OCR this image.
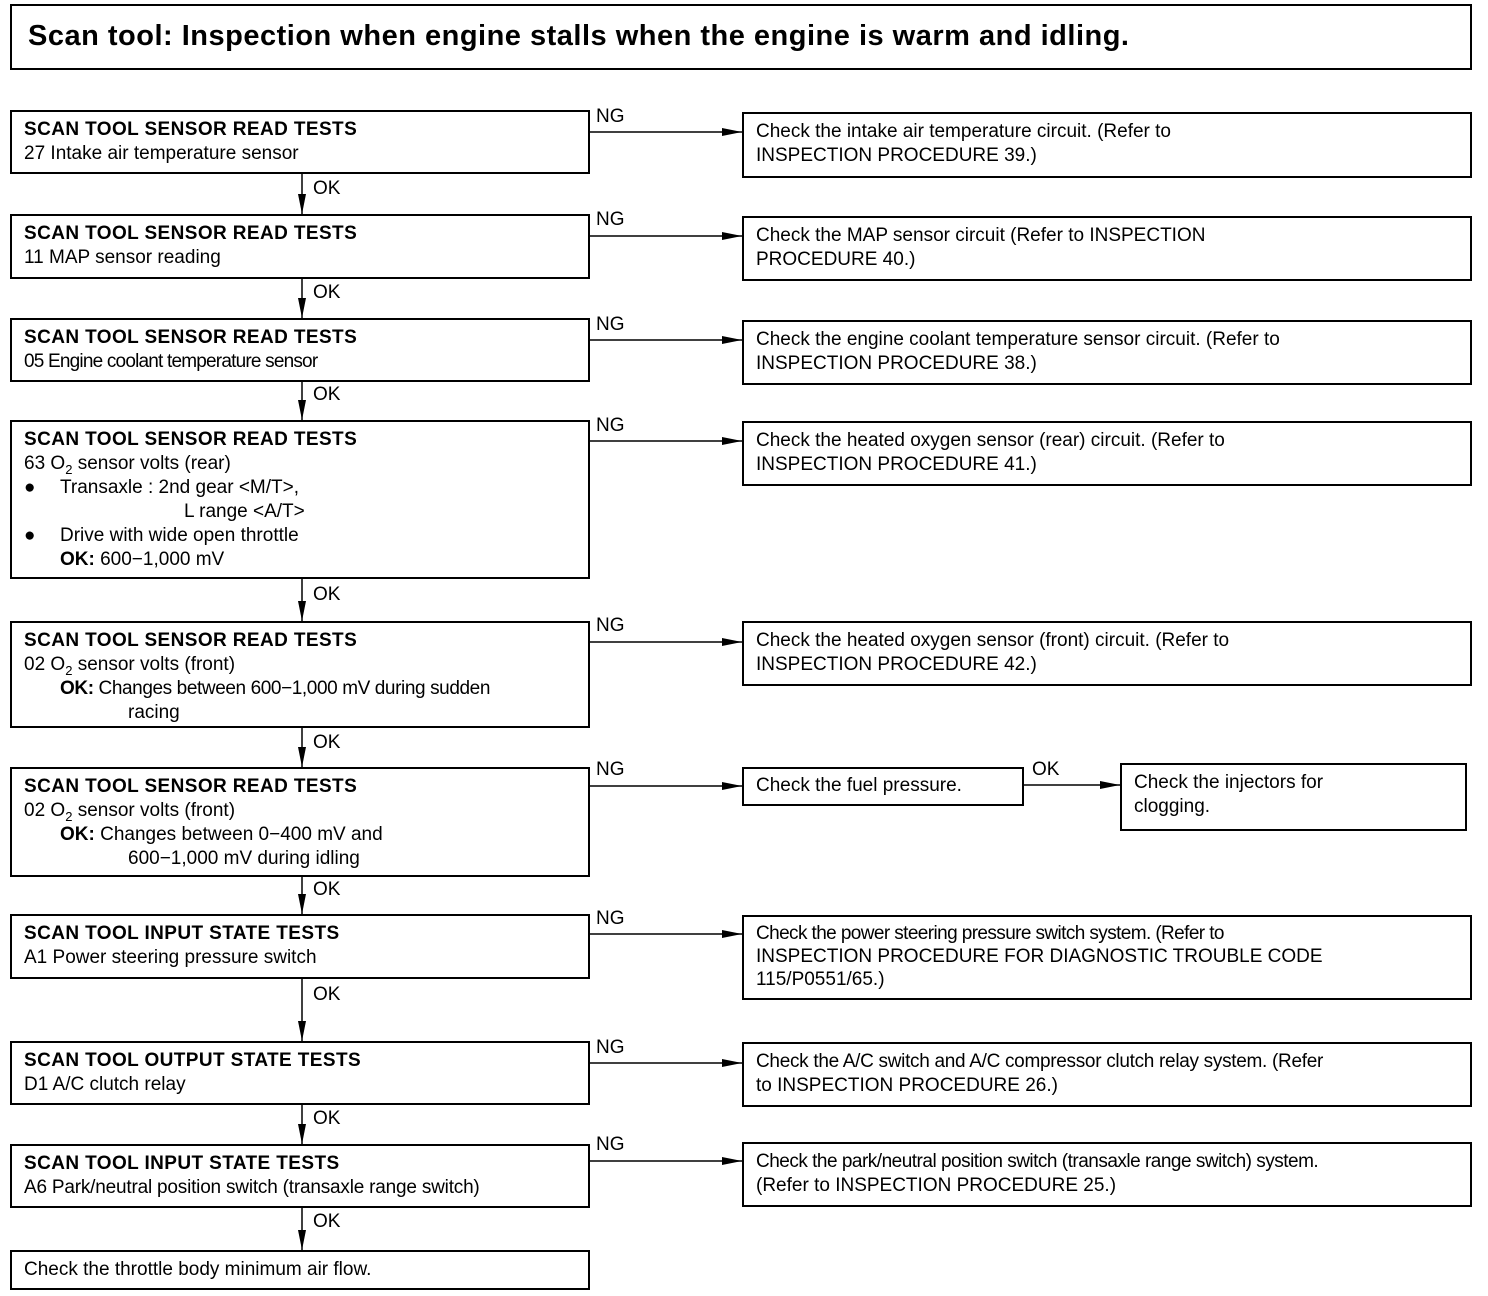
Scan tool: Inspection when engine stalls when the engine is warm and idling.
NG
NG
NG
NG
NG
NG	OK
NG
NG
NG
OK
OK
OK
OK
OK
OK
OK
OK
OK
SCAN TOOL SENSOR READ TESTS
27 Intake air temperature sensor
Check the intake air temperature circuit. (Refer to
INSPECTION PROCEDURE 39.)
SCAN TOOL SENSOR READ TESTS
11 MAP sensor reading
Check the MAP sensor circuit (Refer to INSPECTION
PROCEDURE 40.)
SCAN TOOL SENSOR READ TESTS
05 Engine coolant temperature sensor
Check the engine coolant temperature sensor circuit. (Refer to
INSPECTION PROCEDURE 38.)
SCAN TOOL SENSOR READ TESTS
63 $O_2$ sensor volts (rear)
● Transaxle : 2nd gear <M/T>,
L range <A/T>
● Drive with wide open throttle
OK: 600−1,000 mV
Check the heated oxygen sensor (rear) circuit. (Refer to
INSPECTION PROCEDURE 41.)
SCAN TOOL SENSOR READ TESTS
02 $O_2$ sensor volts (front)
OK: Changes between 600−1,000 mV during sudden
racing
Check the heated oxygen sensor (front) circuit. (Refer to
INSPECTION PROCEDURE 42.)
SCAN TOOL SENSOR READ TESTS
02 $O_2$ sensor volts (front)
OK: Changes between 0−400 mV and
600−1,000 mV during idling
Check the fuel pressure.	Check the injectors for
clogging.
SCAN TOOL INPUT STATE TESTS
A1 Power steering pressure switch
Check the power steering pressure switch system. (Refer to
INSPECTION PROCEDURE FOR DIAGNOSTIC TROUBLE CODE
115/P0551/65.)
SCAN TOOL OUTPUT STATE TESTS
D1 A/C clutch relay
Check the A/C switch and A/C compressor clutch relay system. (Refer
to INSPECTION PROCEDURE 26.)
SCAN TOOL INPUT STATE TESTS
A6 Park/neutral position switch (transaxle range switch)
Check the park/neutral position switch (transaxle range switch) system.
(Refer to INSPECTION PROCEDURE 25.)
Check the throttle body minimum air flow.
